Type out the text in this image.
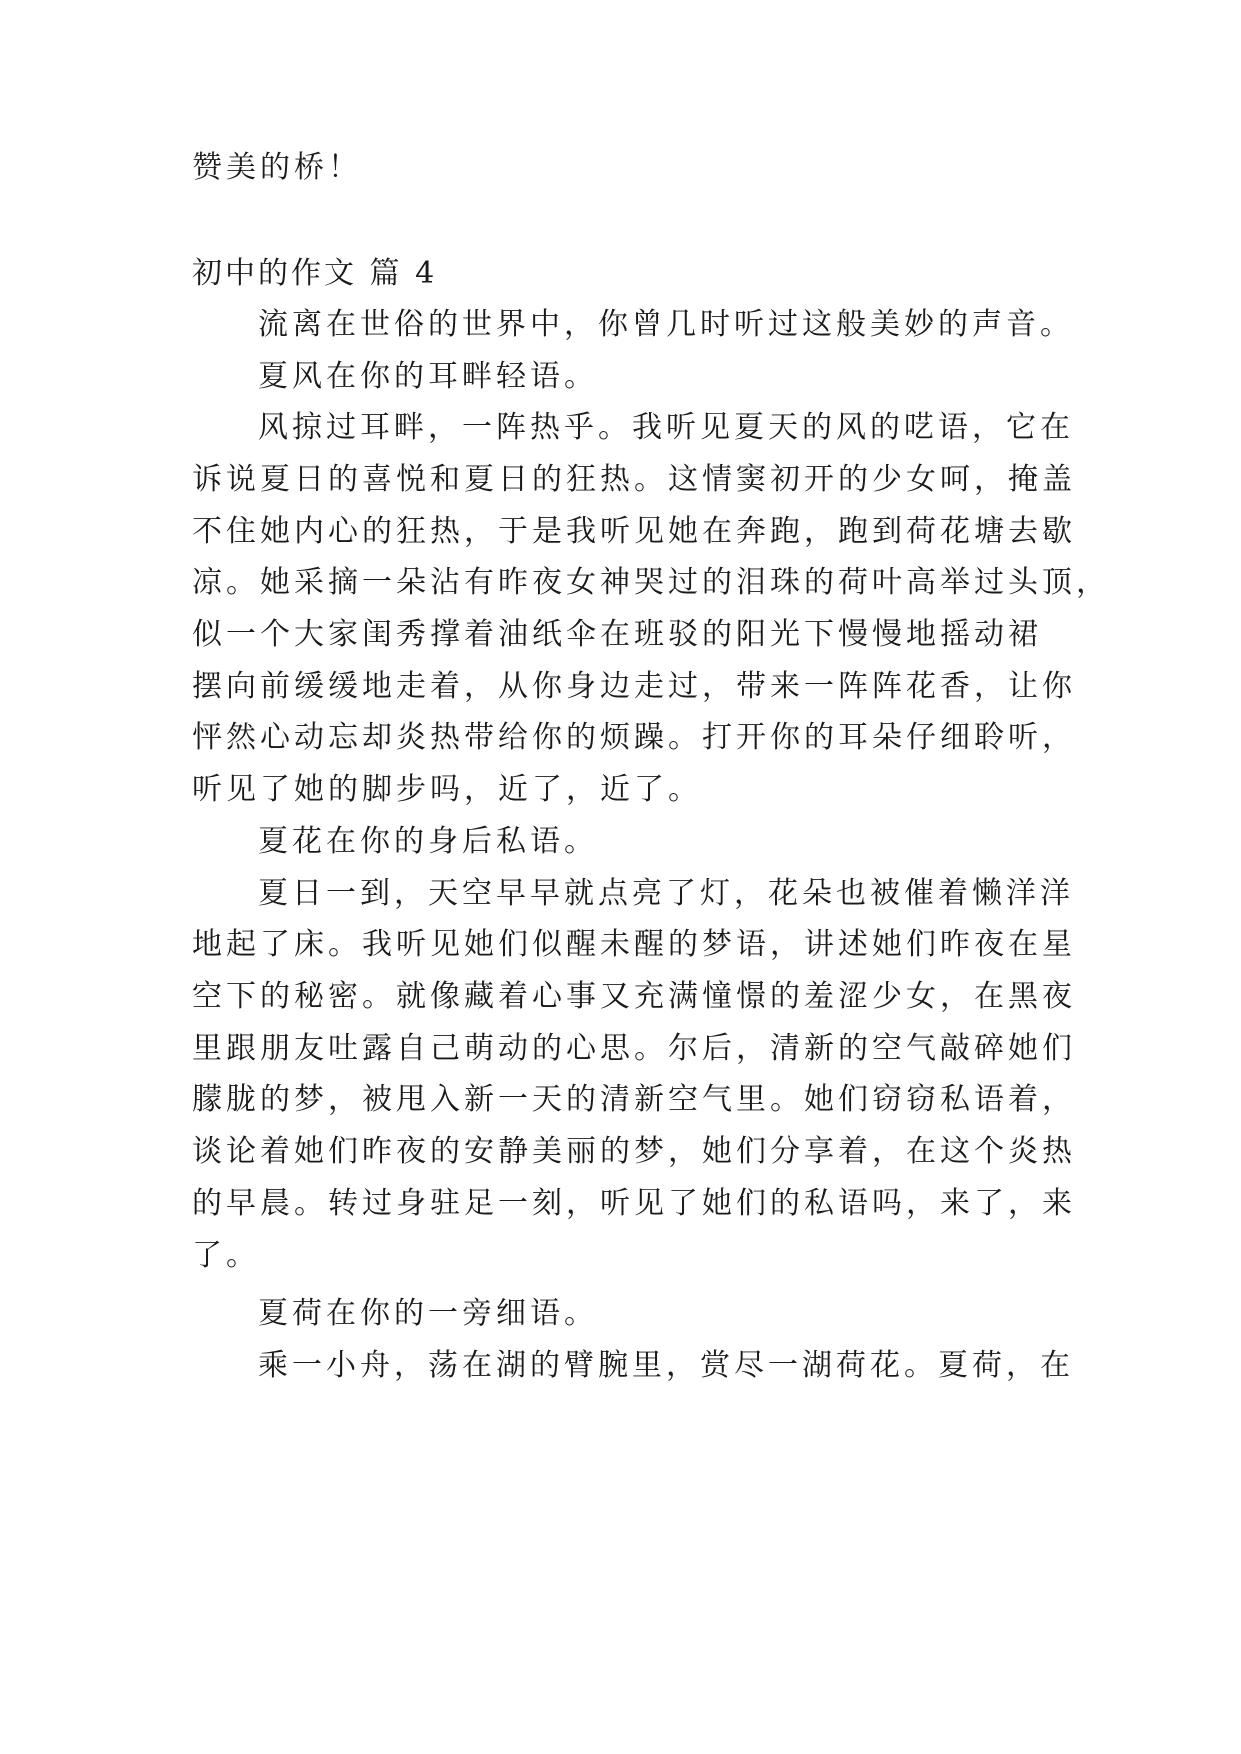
赞美的桥！

初中的作文 篇 4

流离在世俗的世界中，你曾几时听过这般美妙的声音。

夏风在你的耳畔轻语。

风掠过耳畔，一阵热乎。我听见夏天的风的呓语，它在

诉说夏日的喜悦和夏日的狂热。这情窦初开的少女呵，掩盖

不住她内心的狂热，于是我听见她在奔跑，跑到荷花塘去歇

凉。她采摘一朵沾有昨夜女神哭过的泪珠的荷叶高举过头顶，

似一个大家闺秀撑着油纸伞在班驳的阳光下慢慢地摇动裙

摆向前缓缓地走着，从你身边走过，带来一阵阵花香，让你

怦然心动忘却炎热带给你的烦躁。打开你的耳朵仔细聆听，

听见了她的脚步吗，近了，近了。

夏花在你的身后私语。

夏日一到，天空早早就点亮了灯，花朵也被催着懒洋洋

地起了床。我听见她们似醒未醒的梦语，讲述她们昨夜在星

空下的秘密。就像藏着心事又充满憧憬的羞涩少女，在黑夜

里跟朋友吐露自己萌动的心思。尔后，清新的空气敲碎她们

朦胧的梦，被甩入新一天的清新空气里。她们窃窃私语着，

谈论着她们昨夜的安静美丽的梦，她们分享着，在这个炎热

的早晨。转过身驻足一刻，听见了她们的私语吗，来了，来

了。

夏荷在你的一旁细语。

乘一小舟，荡在湖的臂腕里，赏尽一湖荷花。夏荷，在
